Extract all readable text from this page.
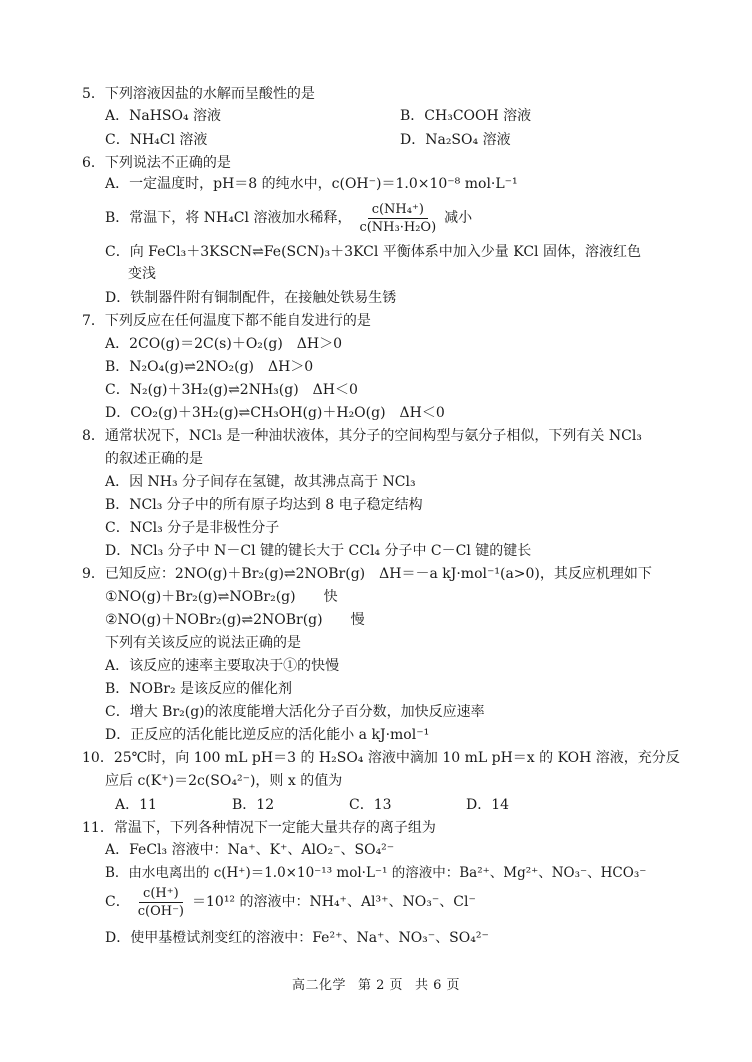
5．下列溶液因盐的水解而呈酸性的是
A．NaHSO₄ 溶液	B．CH₃COOH 溶液
C．NH₄Cl 溶液	D．Na₂SO₄ 溶液
6．下列说法不正确的是
A．一定温度时，pH＝8 的纯水中，c(OH⁻)＝1.0×10⁻⁸ mol·L⁻¹
B．常温下，将 NH₄Cl 溶液加水稀释， $\frac{\text{c(NH₄⁺)}}{\text{c(NH₃·H₂O)}}$ 减小
C．向 FeCl₃＋3KSCN⇌Fe(SCN)₃＋3KCl 平衡体系中加入少量 KCl 固体，溶液红色
变浅
D．铁制器件附有铜制配件，在接触处铁易生锈
7．下列反应在任何温度下都不能自发进行的是
A．2CO(g)＝2C(s)＋O₂(g)　ΔH＞0
B．N₂O₄(g)⇌2NO₂(g)　ΔH＞0
C．N₂(g)＋3H₂(g)⇌2NH₃(g)　ΔH＜0
D．CO₂(g)＋3H₂(g)⇌CH₃OH(g)＋H₂O(g)　ΔH＜0
8．通常状况下，NCl₃ 是一种油状液体，其分子的空间构型与氨分子相似，下列有关 NCl₃
的叙述正确的是
A．因 NH₃ 分子间存在氢键，故其沸点高于 NCl₃
B．NCl₃ 分子中的所有原子均达到 8 电子稳定结构
C．NCl₃ 分子是非极性分子
D．NCl₃ 分子中 N－Cl 键的键长大于 CCl₄ 分子中 C－Cl 键的键长
9．已知反应：2NO(g)＋Br₂(g)⇌2NOBr(g)　ΔH＝－a kJ·mol⁻¹(a>0)，其反应机理如下
①NO(g)＋Br₂(g)⇌NOBr₂(g)　　快
②NO(g)＋NOBr₂(g)⇌2NOBr(g)　　慢
下列有关该反应的说法正确的是
A．该反应的速率主要取决于①的快慢
B．NOBr₂ 是该反应的催化剂
C．增大 Br₂(g)的浓度能增大活化分子百分数，加快反应速率
D．正反应的活化能比逆反应的活化能小 a kJ·mol⁻¹
10．25℃时，向 100 mL pH＝3 的 H₂SO₄ 溶液中滴加 10 mL pH＝x 的 KOH 溶液，充分反
应后 c(K⁺)＝2c(SO₄²⁻)，则 x 的值为
A．11	B．12	C．13	D．14
11．常温下，下列各种情况下一定能大量共存的离子组为
A．FeCl₃ 溶液中：Na⁺、K⁺、AlO₂⁻、SO₄²⁻
B．由水电离出的 c(H⁺)＝1.0×10⁻¹³ mol·L⁻¹ 的溶液中：Ba²⁺、Mg²⁺、NO₃⁻、HCO₃⁻
C． $\frac{c(H^+)}{c(OH^-)} =10^{12}$ 的溶液中：NH₄⁺、Al³⁺、NO₃⁻、Cl⁻
D．使甲基橙试剂变红的溶液中：Fe²⁺、Na⁺、NO₃⁻、SO₄²⁻
高二化学 第 2 页 共 6 页
